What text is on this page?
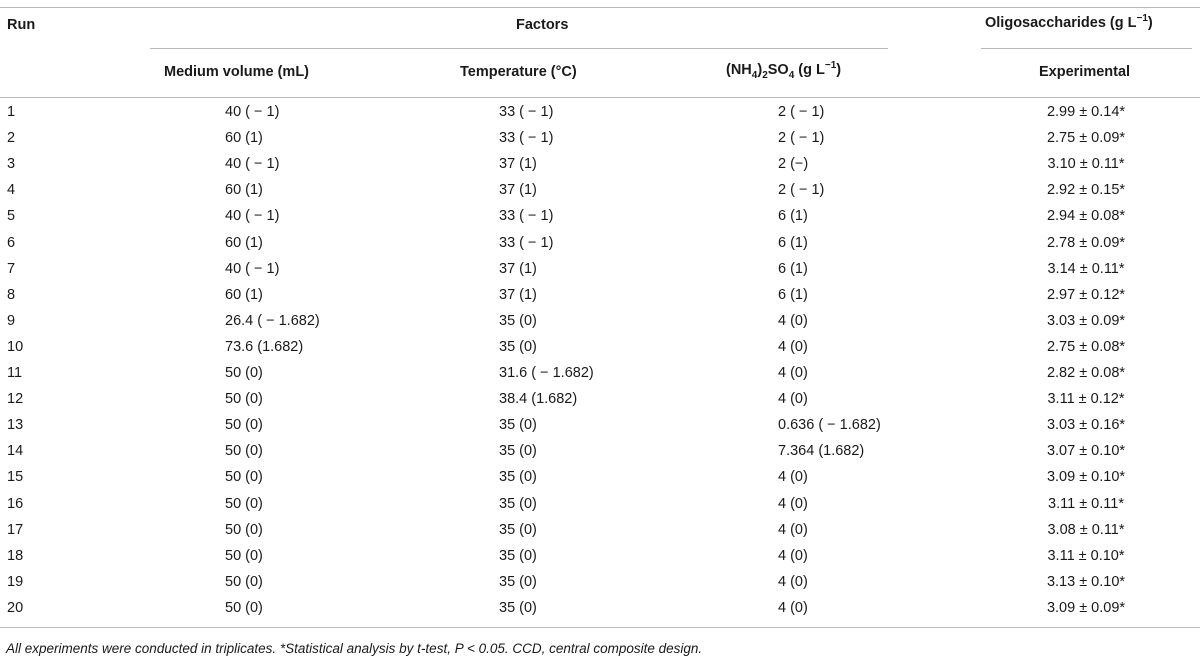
Run	Factors	Oligosaccharides (g $L^{-1}$)
Medium volume (mL)	Temperature (°C)	$(NH_4)_2SO_4$ (g $L^{-1}$)	Experimental
1	40 ( − 1)	33 ( − 1)	2 ( − 1)	2.99 ± 0.14*
2	60 (1)	33 ( − 1)	2 ( − 1)	2.75 ± 0.09*
3	40 ( − 1)	37 (1)	2 (−)	3.10 ± 0.11*
4	60 (1)	37 (1)	2 ( − 1)	2.92 ± 0.15*
5	40 ( − 1)	33 ( − 1)	6 (1)	2.94 ± 0.08*
6	60 (1)	33 ( − 1)	6 (1)	2.78 ± 0.09*
7	40 ( − 1)	37 (1)	6 (1)	3.14 ± 0.11*
8	60 (1)	37 (1)	6 (1)	2.97 ± 0.12*
9	26.4 ( − 1.682)	35 (0)	4 (0)	3.03 ± 0.09*
10	73.6 (1.682)	35 (0)	4 (0)	2.75 ± 0.08*
11	50 (0)	31.6 ( − 1.682)	4 (0)	2.82 ± 0.08*
12	50 (0)	38.4 (1.682)	4 (0)	3.11 ± 0.12*
13	50 (0)	35 (0)	0.636 ( − 1.682)	3.03 ± 0.16*
14	50 (0)	35 (0)	7.364 (1.682)	3.07 ± 0.10*
15	50 (0)	35 (0)	4 (0)	3.09 ± 0.10*
16	50 (0)	35 (0)	4 (0)	3.11 ± 0.11*
17	50 (0)	35 (0)	4 (0)	3.08 ± 0.11*
18	50 (0)	35 (0)	4 (0)	3.11 ± 0.10*
19	50 (0)	35 (0)	4 (0)	3.13 ± 0.10*
20	50 (0)	35 (0)	4 (0)	3.09 ± 0.09*
All experiments were conducted in triplicates. *Statistical analysis by t-test, P < 0.05. CCD, central composite design.
